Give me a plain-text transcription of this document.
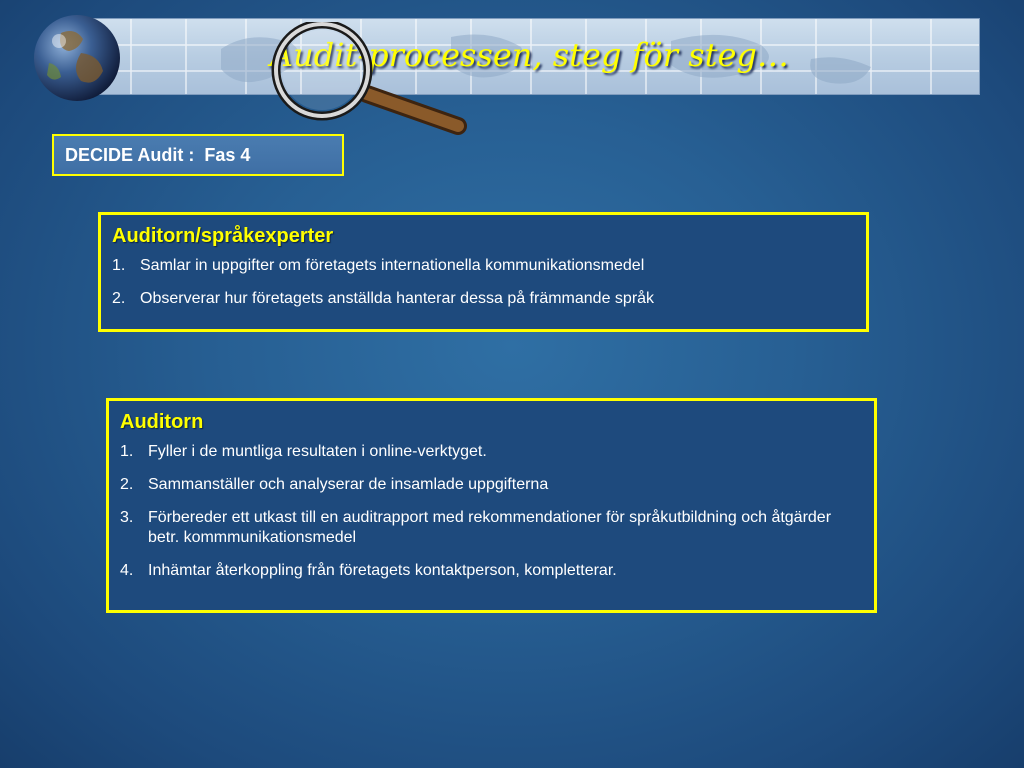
Audit-processen, steg för steg…
DECIDE Audit :  Fas 4
Auditorn/språkexperter
1. Samlar in uppgifter om företagets internationella kommunikationsmedel
2. Observerar hur företagets anställda hanterar dessa på främmande språk
Auditorn
1. Fyller i de muntliga resultaten i online-verktyget.
2. Sammanställer och analyserar de insamlade uppgifterna
3. Förbereder ett utkast till en auditrapport med rekommendationer för språkutbildning och åtgärder betr. kommmunikationsmedel
4. Inhämtar återkoppling från företagets kontaktperson, kompletterar.
